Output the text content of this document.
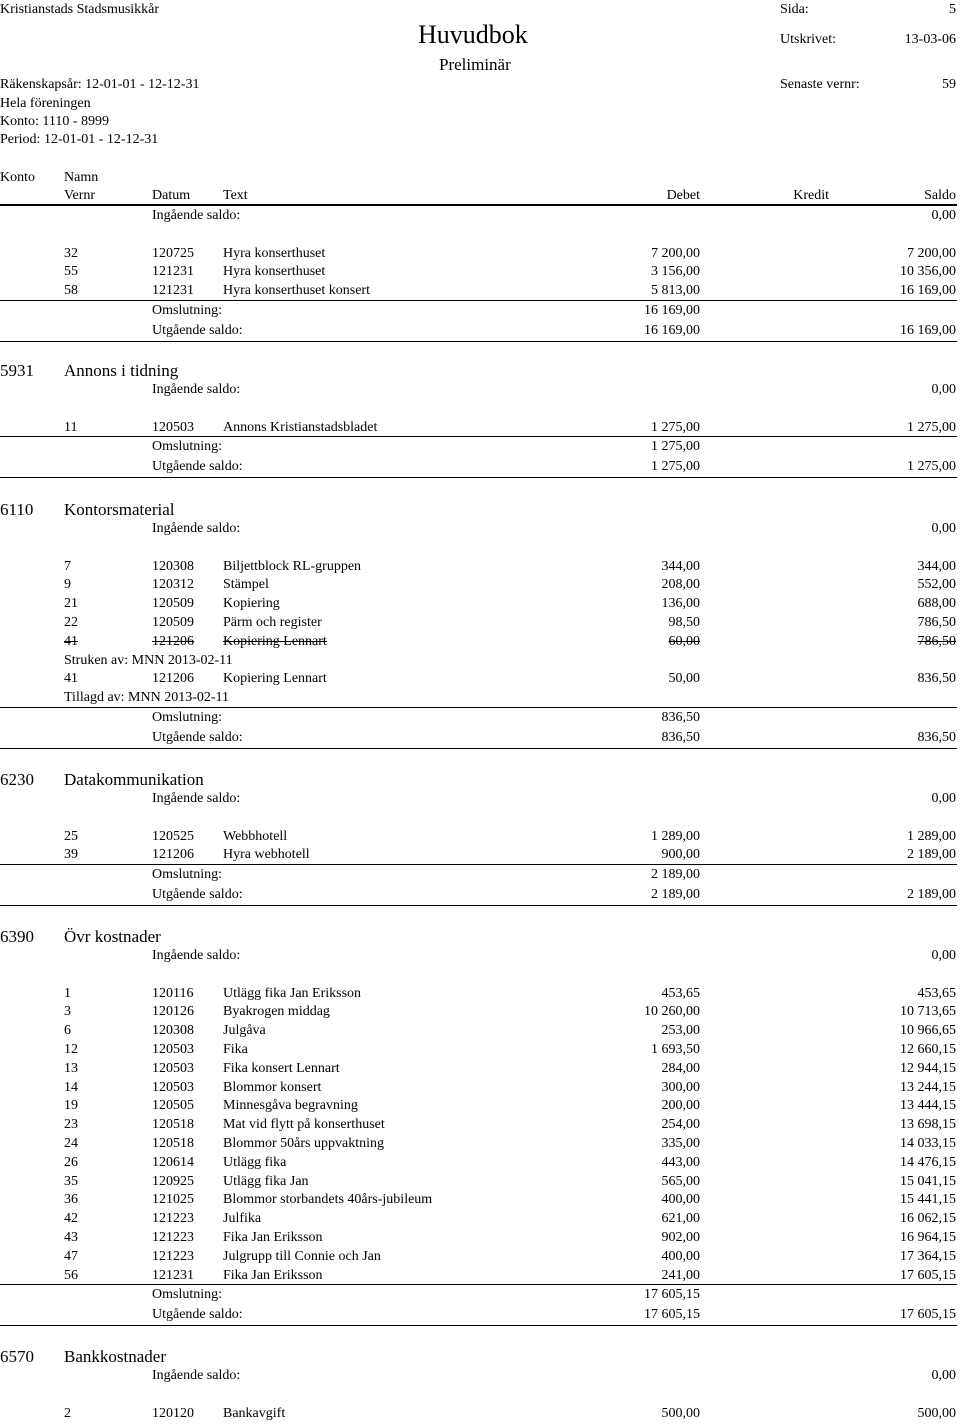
Kristianstads Stadsmusikkår
Huvudbok
Preliminär
Sida:	5
Utskrivet:	13-03-06
Räkenskapsår: 12-01-01 - 12-12-31	Senaste vernr:	59
Hela föreningen
Konto: 1110 - 8999
Period: 12-01-01 - 12-12-31
Konto Namn
Vernr	Datum Text	Debet	Kredit	Saldo
Ingående saldo:	0,00
32	120725 Hyra konserthuset	7 200,00	7 200,00
55	121231 Hyra konserthuset	3 156,00	10 356,00
58	121231 Hyra konserthuset konsert	5 813,00	16 169,00
Omslutning:	16 169,00
Utgående saldo:	16 169,00	16 169,00
5931 Annons i tidning
Ingående saldo:	0,00
11	120503 Annons Kristianstadsbladet	1 275,00	1 275,00
Omslutning:	1 275,00
Utgående saldo:	1 275,00	1 275,00
6110 Kontorsmaterial
Ingående saldo:	0,00
7	120308 Biljettblock RL-gruppen	344,00	344,00
9	120312 Stämpel	208,00	552,00
21	120509 Kopiering	136,00	688,00
22	120509 Pärm och register	98,50	786,50
41	121206 Kopiering Lennart	60,00	786,50
Struken av: MNN 2013-02-11
41	121206 Kopiering Lennart	50,00	836,50
Tillagd av: MNN 2013-02-11
Omslutning:	836,50
Utgående saldo:	836,50	836,50
6230 Datakommunikation
Ingående saldo:	0,00
25	120525 Webbhotell	1 289,00	1 289,00
39	121206 Hyra webhotell	900,00	2 189,00
Omslutning:	2 189,00
Utgående saldo:	2 189,00	2 189,00
6390 Övr kostnader
Ingående saldo:	0,00
1	120116 Utlägg fika Jan Eriksson	453,65	453,65
3	120126 Byakrogen middag	10 260,00	10 713,65
6	120308 Julgåva	253,00	10 966,65
12	120503 Fika	1 693,50	12 660,15
13	120503 Fika konsert Lennart	284,00	12 944,15
14	120503 Blommor konsert	300,00	13 244,15
19	120505 Minnesgåva begravning	200,00	13 444,15
23	120518 Mat vid flytt på konserthuset	254,00	13 698,15
24	120518 Blommor 50års uppvaktning	335,00	14 033,15
26	120614 Utlägg fika	443,00	14 476,15
35	120925 Utlägg fika Jan	565,00	15 041,15
36	121025 Blommor storbandets 40års-jubileum	400,00	15 441,15
42	121223 Julfika	621,00	16 062,15
43	121223 Fika Jan Eriksson	902,00	16 964,15
47	121223 Julgrupp till Connie och Jan	400,00	17 364,15
56	121231 Fika Jan Eriksson	241,00	17 605,15
Omslutning:	17 605,15
Utgående saldo:	17 605,15	17 605,15
6570 Bankkostnader
Ingående saldo:	0,00
2	120120 Bankavgift	500,00	500,00
